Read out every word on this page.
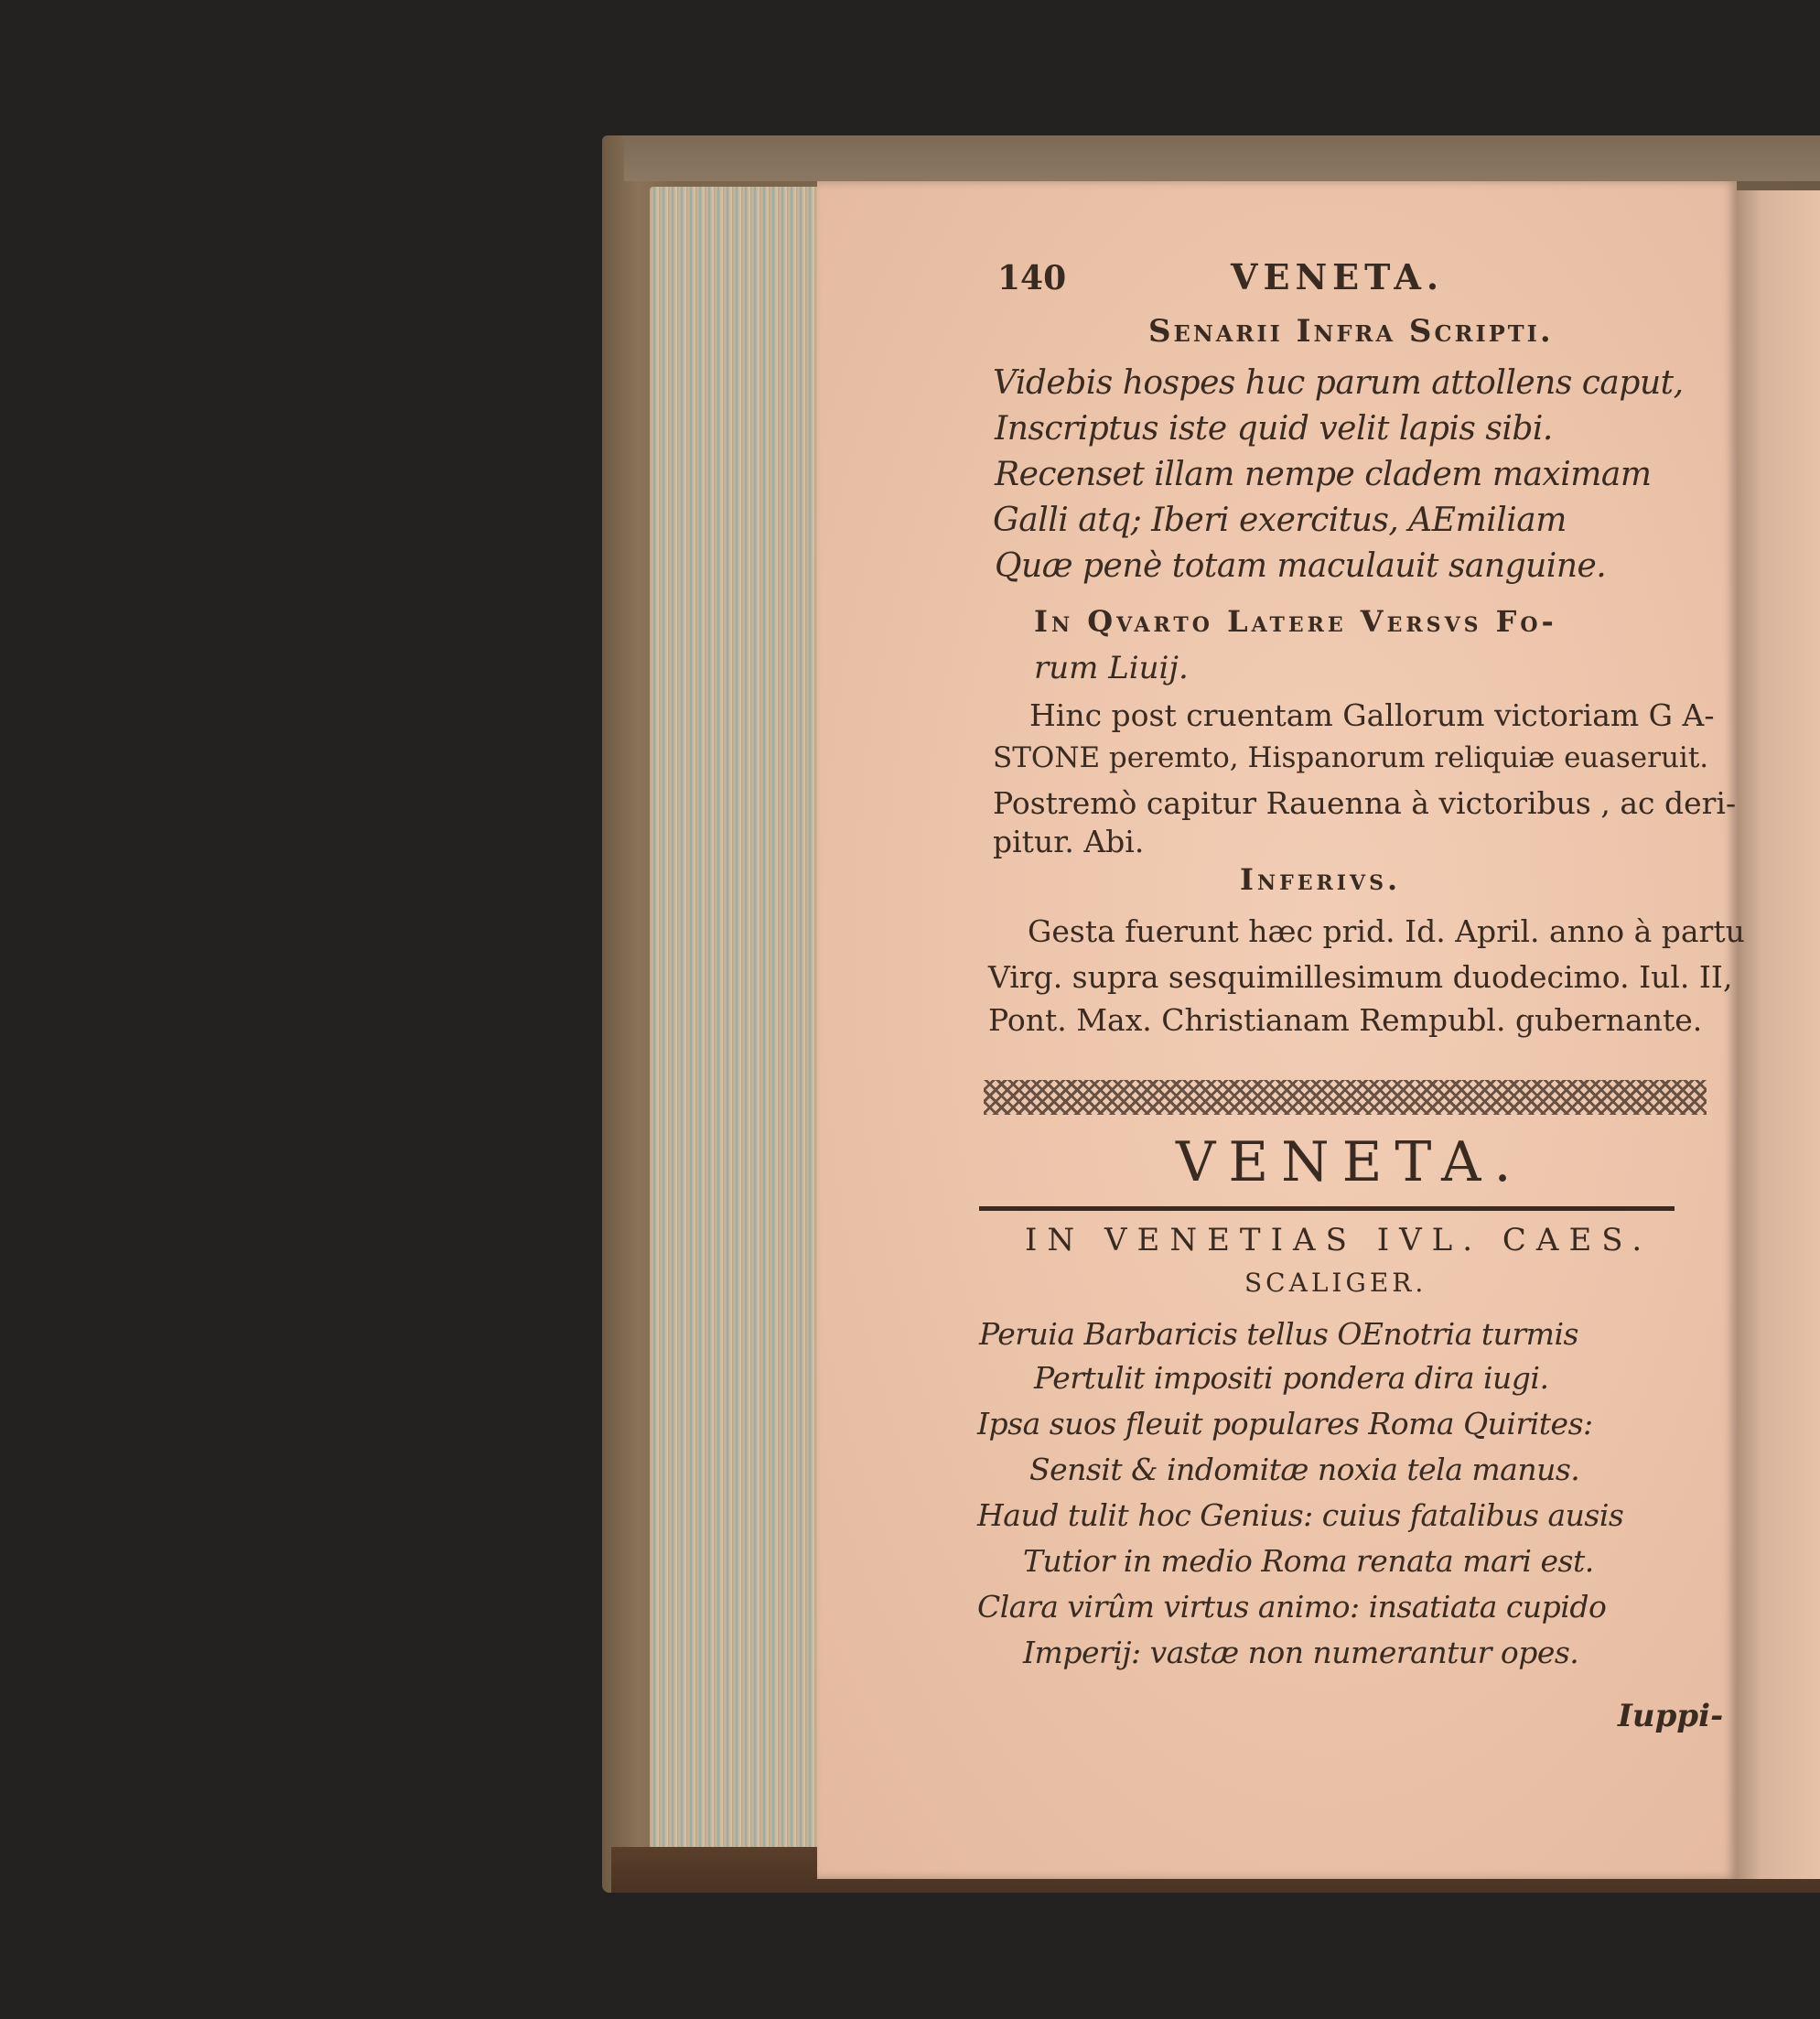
140	VENETA.
Senarii Infra Scripti.
Videbis hospes huc parum attollens caput,
Inscriptus iste quid velit lapis sibi.
Recenset illam nempe cladem maximam
Galli atq; Iberi exercitus, AEmiliam
Quæ penè totam maculauit sanguine.
In Qvarto Latere Versvs Fo-
rum Liuij.
Hinc post cruentam Gallorum victoriam G A-
STONE peremto, Hispanorum reliquiæ euaseruit.
Postremò capitur Rauenna à victoribus , ac deri-
pitur. Abi.
Inferivs.
Gesta fuerunt hæc prid. Id. April. anno à partu
Virg. supra sesquimillesimum duodecimo. Iul. II,
Pont. Max. Christianam Rempubl. gubernante.
VENETA.
IN VENETIAS IVL. CAES.
SCALIGER.
Peruia Barbaricis tellus OEnotria turmis
Pertulit impositi pondera dira iugi.
Ipsa suos fleuit populares Roma Quirites:
Sensit & indomitæ noxia tela manus.
Haud tulit hoc Genius: cuius fatalibus ausis
Tutior in medio Roma renata mari est.
Clara virûm virtus animo: insatiata cupido
Imperij: vastæ non numerantur opes.
Iuppi-
